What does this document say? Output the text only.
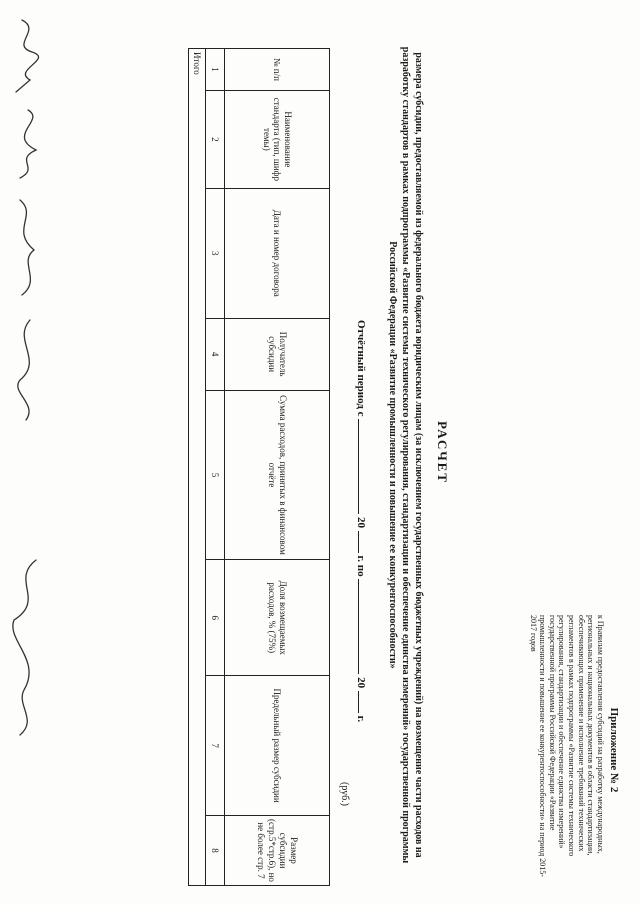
Приложение № 2
к Правилам предоставления субсидий на разработку международных, региональных и национальных документов в области стандартизации, обеспечивающих применение и исполнение требований технических регламентов в рамках подпрограммы «Развитие системы технического регулирования, стандартизации и обеспечение единства измерений» государственной программы Российской Федерации «Развитие промышленности и повышение ее конкурентоспособности» на период 2015-2017 годов
РАСЧЕТ
размера субсидии, предоставляемой из федерального бюджета юридическим лицам (за исключением государственных бюджетных учреждений) на возмещение части расходов на разработку стандартов в рамках подпрограммы «Развитие системы технического регулирования, стандартизации и обеспечение единства измерений» государственной программы Российской Федерации «Развитие промышленности и повышение ее конкурентоспособности»
Отчётный период с  20  г. по  20  г.
(руб.)
№ п/п	Наименование стандарта (тип, шифр темы)	Дата и номер договора	Получатель субсидии	Сумма расходов, принятых в финансовом отчёте	Доля возмещаемых расходов, % (75%)	Предельный размер субсидии	Размер субсидии (стр.5*стр.6), но не более стр. 7
1	2	3	4	5	6	7	8
Итого							
